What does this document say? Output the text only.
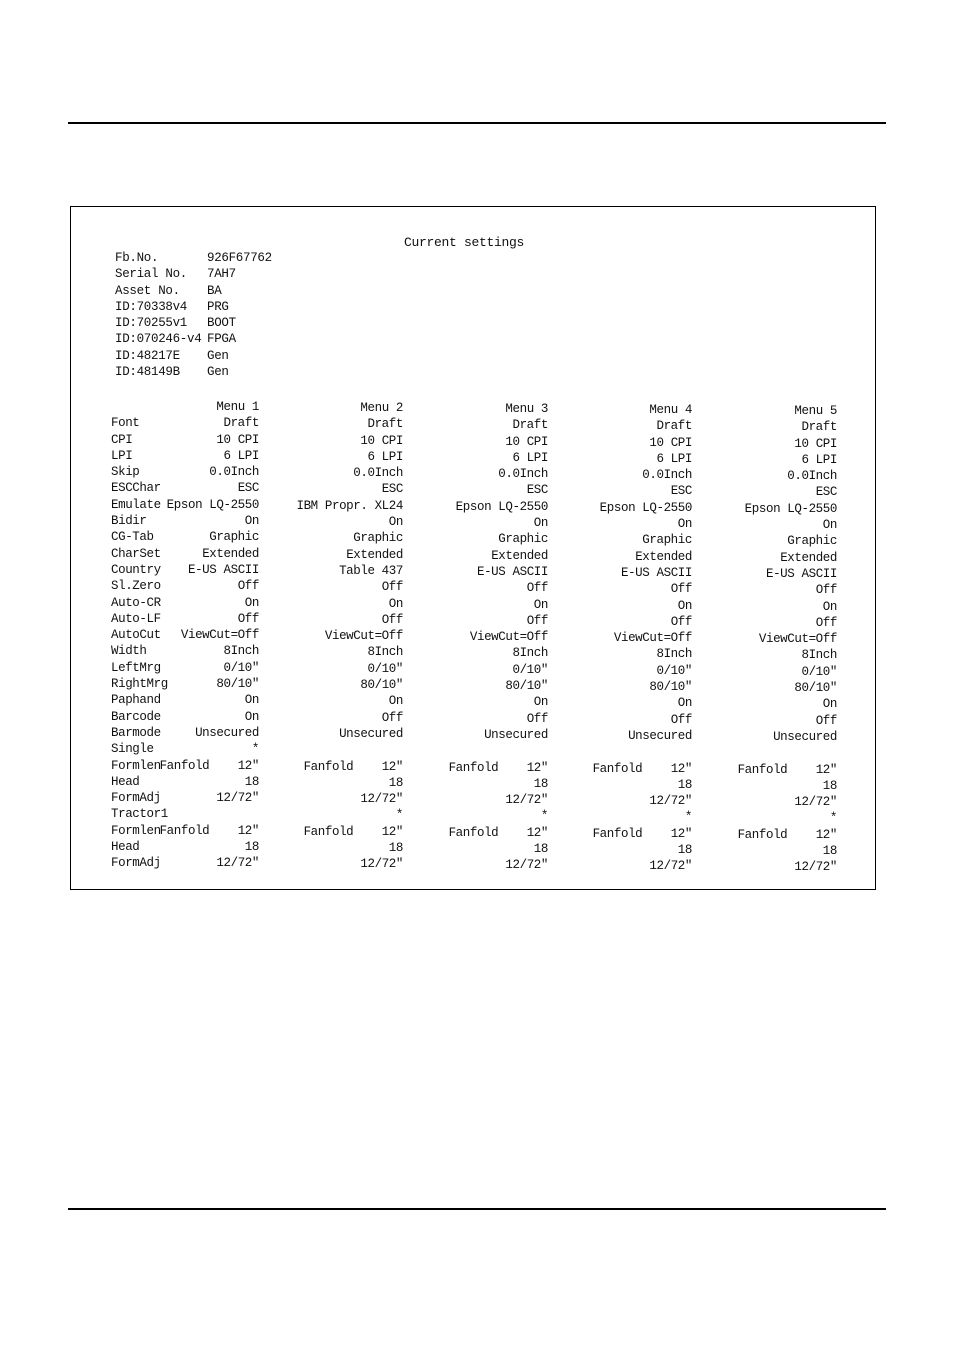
Current settings
Fb.No.	926F67762
Serial No. 7AH7
Asset No. BA
ID:70338v4 PRG
ID:70255v1 BOOT
ID:070246-v4 FPGA
ID:48217E Gen
ID:48149B Gen
Font
CPI
LPI
Skip
ESCChar
Emulate
Bidir
CG-Tab
CharSet
Country
Sl.Zero
Auto-CR
Auto-LF
AutoCut
Width
LeftMrg
RightMrg
Paphand
Barcode
Barmode
Single
Formlen
Head
FormAdj
Tractor1
Formlen
Head
FormAdj
Menu 1
Draft
10 CPI
6 LPI
0.0Inch
ESC
Epson LQ-2550
On
Graphic
Extended
E-US ASCII
Off
On
Off
ViewCut=Off
8Inch
0/10"
80/10"
On
On
Unsecured
*
Fanfold    12"
18
12/72"
Fanfold    12"
18
12/72"
Menu 2
Draft
10 CPI
6 LPI
0.0Inch
ESC
IBM Propr. XL24
On
Graphic
Extended
Table 437
Off
On
Off
ViewCut=Off
8Inch
0/10"
80/10"
On
Off
Unsecured
Fanfold    12"
18
12/72"
*
Fanfold    12"
18
12/72"
Menu 3
Draft
10 CPI
6 LPI
0.0Inch
ESC
Epson LQ-2550
On
Graphic
Extended
E-US ASCII
Off
On
Off
ViewCut=Off
8Inch
0/10"
80/10"
On
Off
Unsecured
Fanfold    12"
18
12/72"
*
Fanfold    12"
18
12/72"
Menu 4
Draft
10 CPI
6 LPI
0.0Inch
ESC
Epson LQ-2550
On
Graphic
Extended
E-US ASCII
Off
On
Off
ViewCut=Off
8Inch
0/10"
80/10"
On
Off
Unsecured
Fanfold    12"
18
12/72"
*
Fanfold    12"
18
12/72"
Menu 5
Draft
10 CPI
6 LPI
0.0Inch
ESC
Epson LQ-2550
On
Graphic
Extended
E-US ASCII
Off
On
Off
ViewCut=Off
8Inch
0/10"
80/10"
On
Off
Unsecured
Fanfold    12"
18
12/72"
*
Fanfold    12"
18
12/72"
